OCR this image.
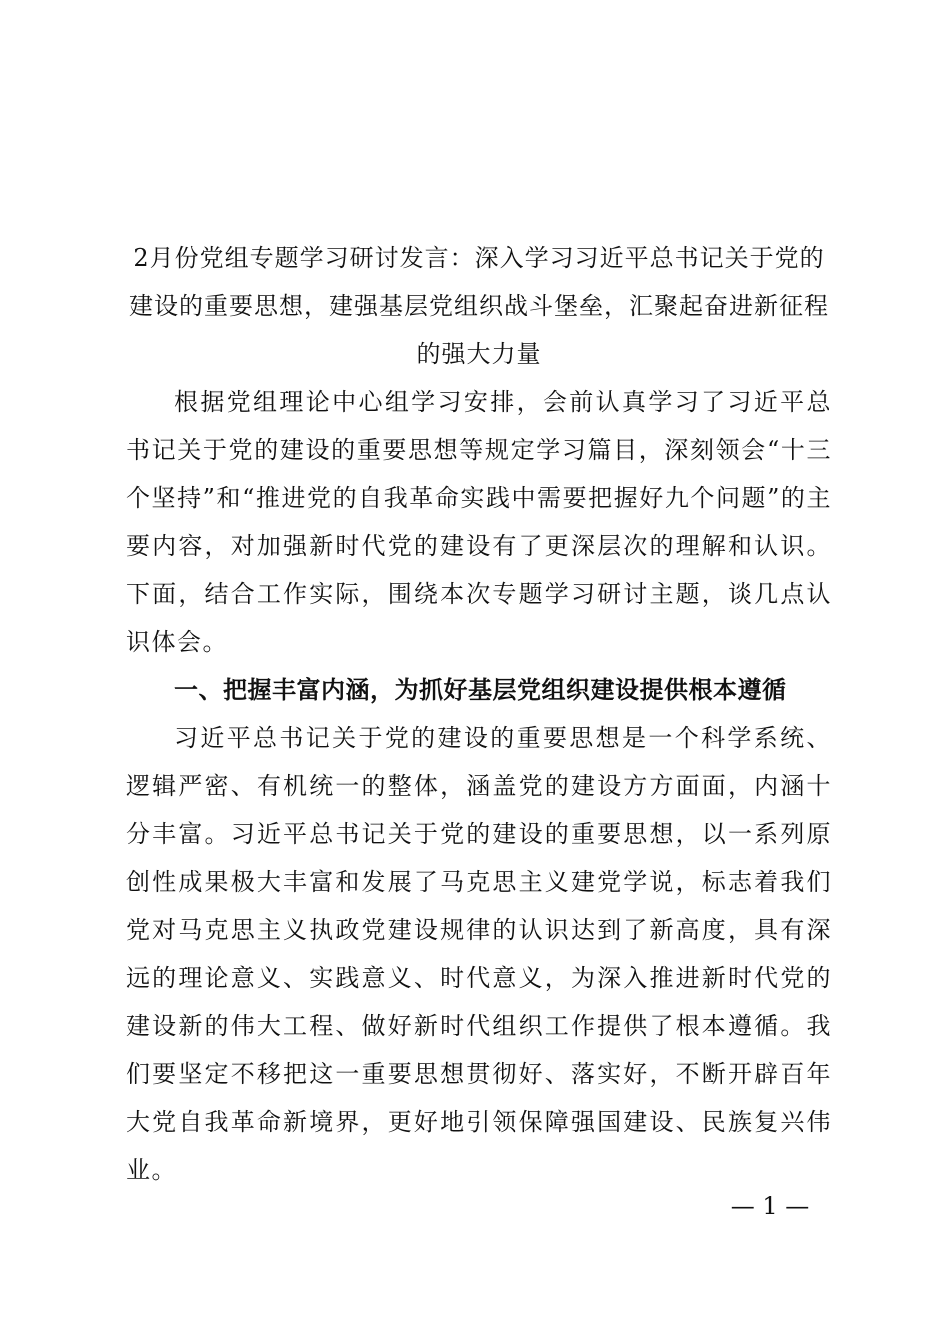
2月份党组专题学习研讨发言：深入学习习近平总书记关于党的建设的重要思想，建强基层党组织战斗堡垒，汇聚起奋进新征程的强大力量

根据党组理论中心组学习安排，会前认真学习了习近平总书记关于党的建设的重要思想等规定学习篇目，深刻领会“十三个坚持”和“推进党的自我革命实践中需要把握好九个问题”的主要内容，对加强新时代党的建设有了更深层次的理解和认识。下面，结合工作实际，围绕本次专题学习研讨主题，谈几点认识体会。

一、把握丰富内涵，为抓好基层党组织建设提供根本遵循

习近平总书记关于党的建设的重要思想是一个科学系统、逻辑严密、有机统一的整体，涵盖党的建设方方面面，内涵十分丰富。习近平总书记关于党的建设的重要思想，以一系列原创性成果极大丰富和发展了马克思主义建党学说，标志着我们党对马克思主义执政党建设规律的认识达到了新高度，具有深远的理论意义、实践意义、时代意义，为深入推进新时代党的建设新的伟大工程、做好新时代组织工作提供了根本遵循。我们要坚定不移把这一重要思想贯彻好、落实好，不断开辟百年大党自我革命新境界，更好地引领保障强国建设、民族复兴伟业。

— 1 —
